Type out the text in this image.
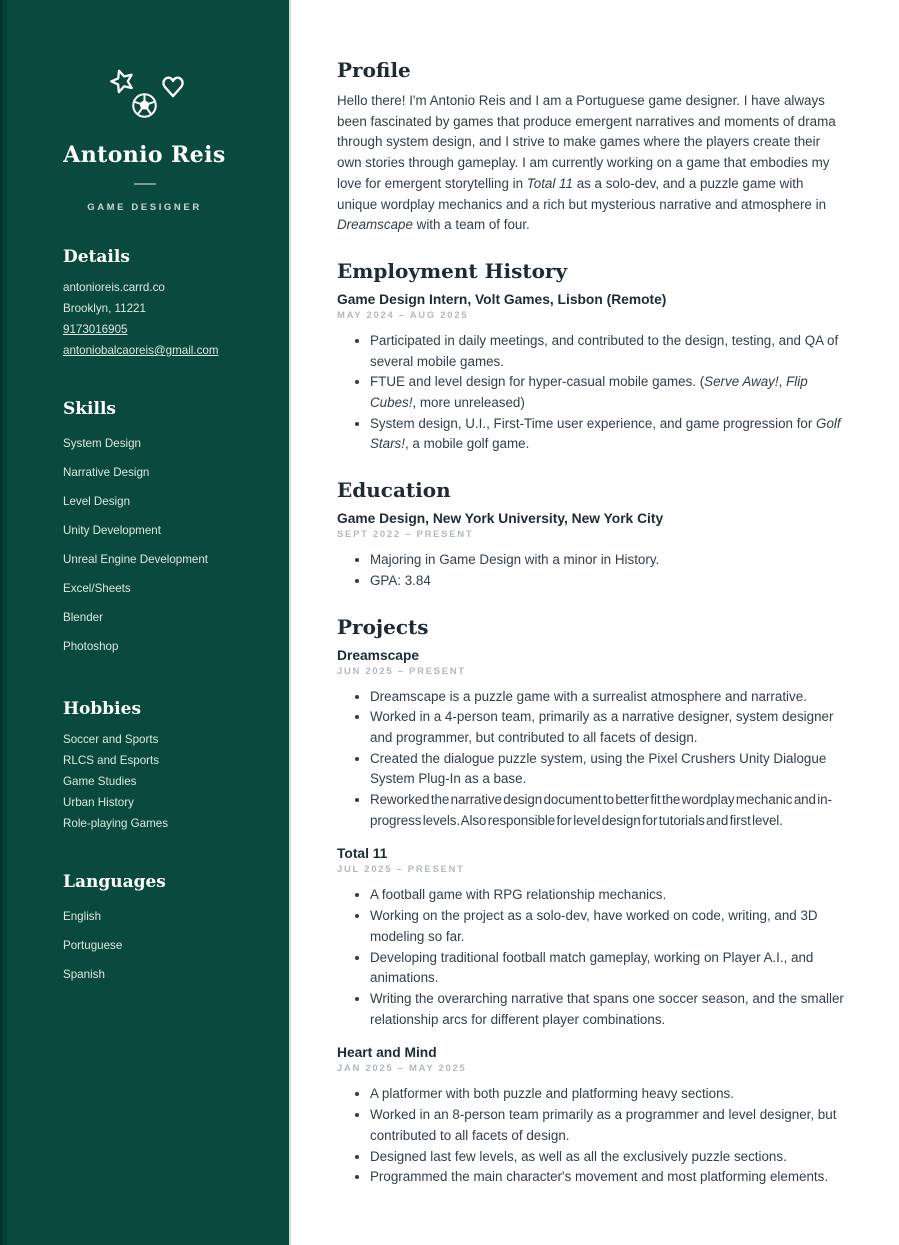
Antonio Reis
GAME DESIGNER
Details
antonioreis.carrd.co
Brooklyn, 11221
9173016905
antoniobalcaoreis@gmail.com
Skills
System Design
Narrative Design
Level Design
Unity Development
Unreal Engine Development
Excel/Sheets
Blender
Photoshop
Hobbies
Soccer and Sports
RLCS and Esports
Game Studies
Urban History
Role-playing Games
Languages
English
Portuguese
Spanish
Profile

Hello there! I'm Antonio Reis and I am a Portuguese game designer. I have always been fascinated by games that produce emergent narratives and moments of drama through system design, and I strive to make games where the players create their own stories through gameplay. I am currently working on a game that embodies my love for emergent storytelling in Total 11 as a solo-dev, and a puzzle game with unique wordplay mechanics and a rich but mysterious narrative and atmosphere in Dreamscape with a team of four.

Employment History
Game Design Intern, Volt Games, Lisbon (Remote)
MAY 2024 – AUG 2025
• Participated in daily meetings, and contributed to the design, testing, and QA of several mobile games.
• FTUE and level design for hyper-casual mobile games. (Serve Away!, Flip Cubes!, more unreleased)
• System design, U.I., First-Time user experience, and game progression for Golf Stars!, a mobile golf game.
Education
Game Design, New York University, New York City
SEPT 2022 – PRESENT
• Majoring in Game Design with a minor in History.
• GPA: 3.84
Projects
Dreamscape
JUN 2025 – PRESENT
• Dreamscape is a puzzle game with a surrealist atmosphere and narrative.
• Worked in a 4-person team, primarily as a narrative designer, system designer and programmer, but contributed to all facets of design.
• Created the dialogue puzzle system, using the Pixel Crushers Unity Dialogue System Plug-In as a base.
• Reworked the narrative design document to better fit the wordplay mechanic and in-progress levels. Also responsible for level design for tutorials and first level.
Total 11
JUL 2025 – PRESENT
• A football game with RPG relationship mechanics.
• Working on the project as a solo-dev, have worked on code, writing, and 3D modeling so far.
• Developing traditional football match gameplay, working on Player A.I., and animations.
• Writing the overarching narrative that spans one soccer season, and the smaller relationship arcs for different player combinations.
Heart and Mind
JAN 2025 – MAY 2025
• A platformer with both puzzle and platforming heavy sections.
• Worked in an 8-person team primarily as a programmer and level designer, but contributed to all facets of design.
• Designed last few levels, as well as all the exclusively puzzle sections.
• Programmed the main character's movement and most platforming elements.
